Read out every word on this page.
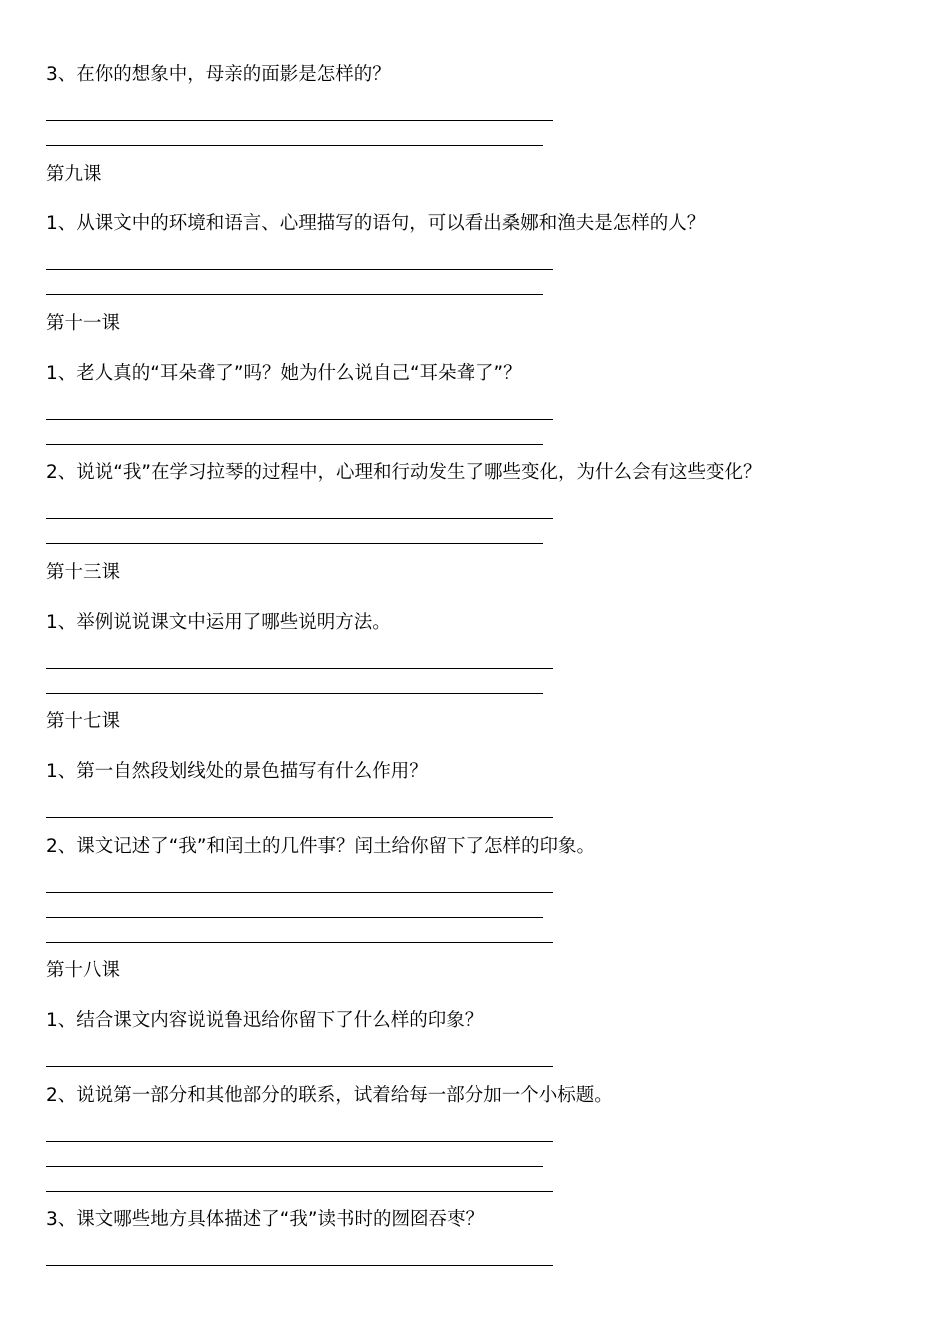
3、在你的想象中，母亲的面影是怎样的？
第九课
1、从课文中的环境和语言、心理描写的语句，可以看出桑娜和渔夫是怎样的人？
第十一课
1、老人真的“耳朵聋了”吗？她为什么说自己“耳朵聋了”？
2、说说“我”在学习拉琴的过程中，心理和行动发生了哪些变化，为什么会有这些变化？
第十三课
1、举例说说课文中运用了哪些说明方法。
第十七课
1、第一自然段划线处的景色描写有什么作用？
2、课文记述了“我”和闰土的几件事？闰土给你留下了怎样的印象。
第十八课
1、结合课文内容说说鲁迅给你留下了什么样的印象？
2、说说第一部分和其他部分的联系，试着给每一部分加一个小标题。
3、课文哪些地方具体描述了“我”读书时的囫囵吞枣？
